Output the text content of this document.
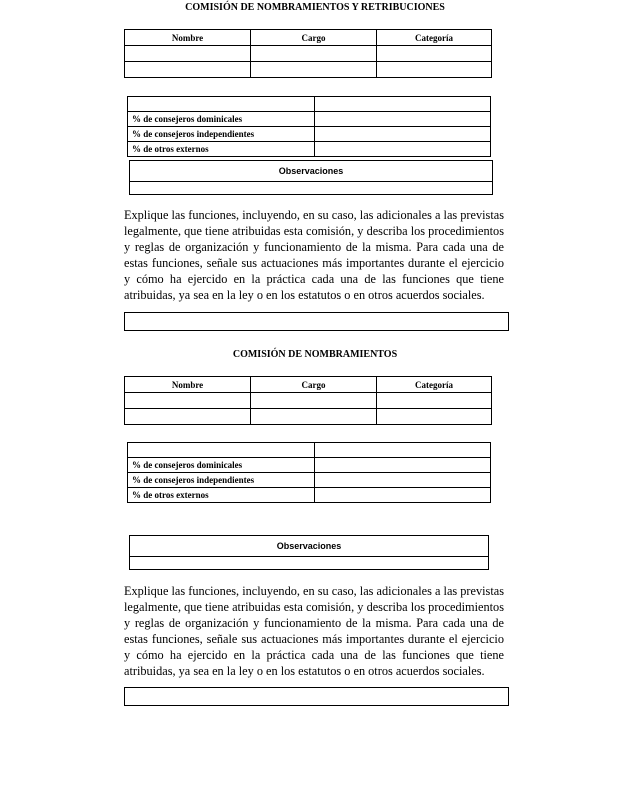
COMISIÓN DE NOMBRAMIENTOS Y RETRIBUCIONES
Nombre	Cargo	Categoría

% de consejeros dominicales	
% de consejeros independientes	
% de otros externos	
Observaciones

Explique las funciones, incluyendo, en su caso, las adicionales a las previstas legalmente, que tiene atribuidas esta comisión, y describa los procedimientos y reglas de organización y funcionamiento de la misma. Para cada una de estas funciones, señale sus actuaciones más importantes durante el ejercicio y cómo ha ejercido en la práctica cada una de las funciones que tiene atribuidas, ya sea en la ley o en los estatutos o en otros acuerdos sociales.
COMISIÓN DE NOMBRAMIENTOS
Nombre	Cargo	Categoría

% de consejeros dominicales	
% de consejeros independientes	
% de otros externos	
Observaciones

Explique las funciones, incluyendo, en su caso, las adicionales a las previstas legalmente, que tiene atribuidas esta comisión, y describa los procedimientos y reglas de organización y funcionamiento de la misma. Para cada una de estas funciones, señale sus actuaciones más importantes durante el ejercicio y cómo ha ejercido en la práctica cada una de las funciones que tiene atribuidas, ya sea en la ley o en los estatutos o en otros acuerdos sociales.
